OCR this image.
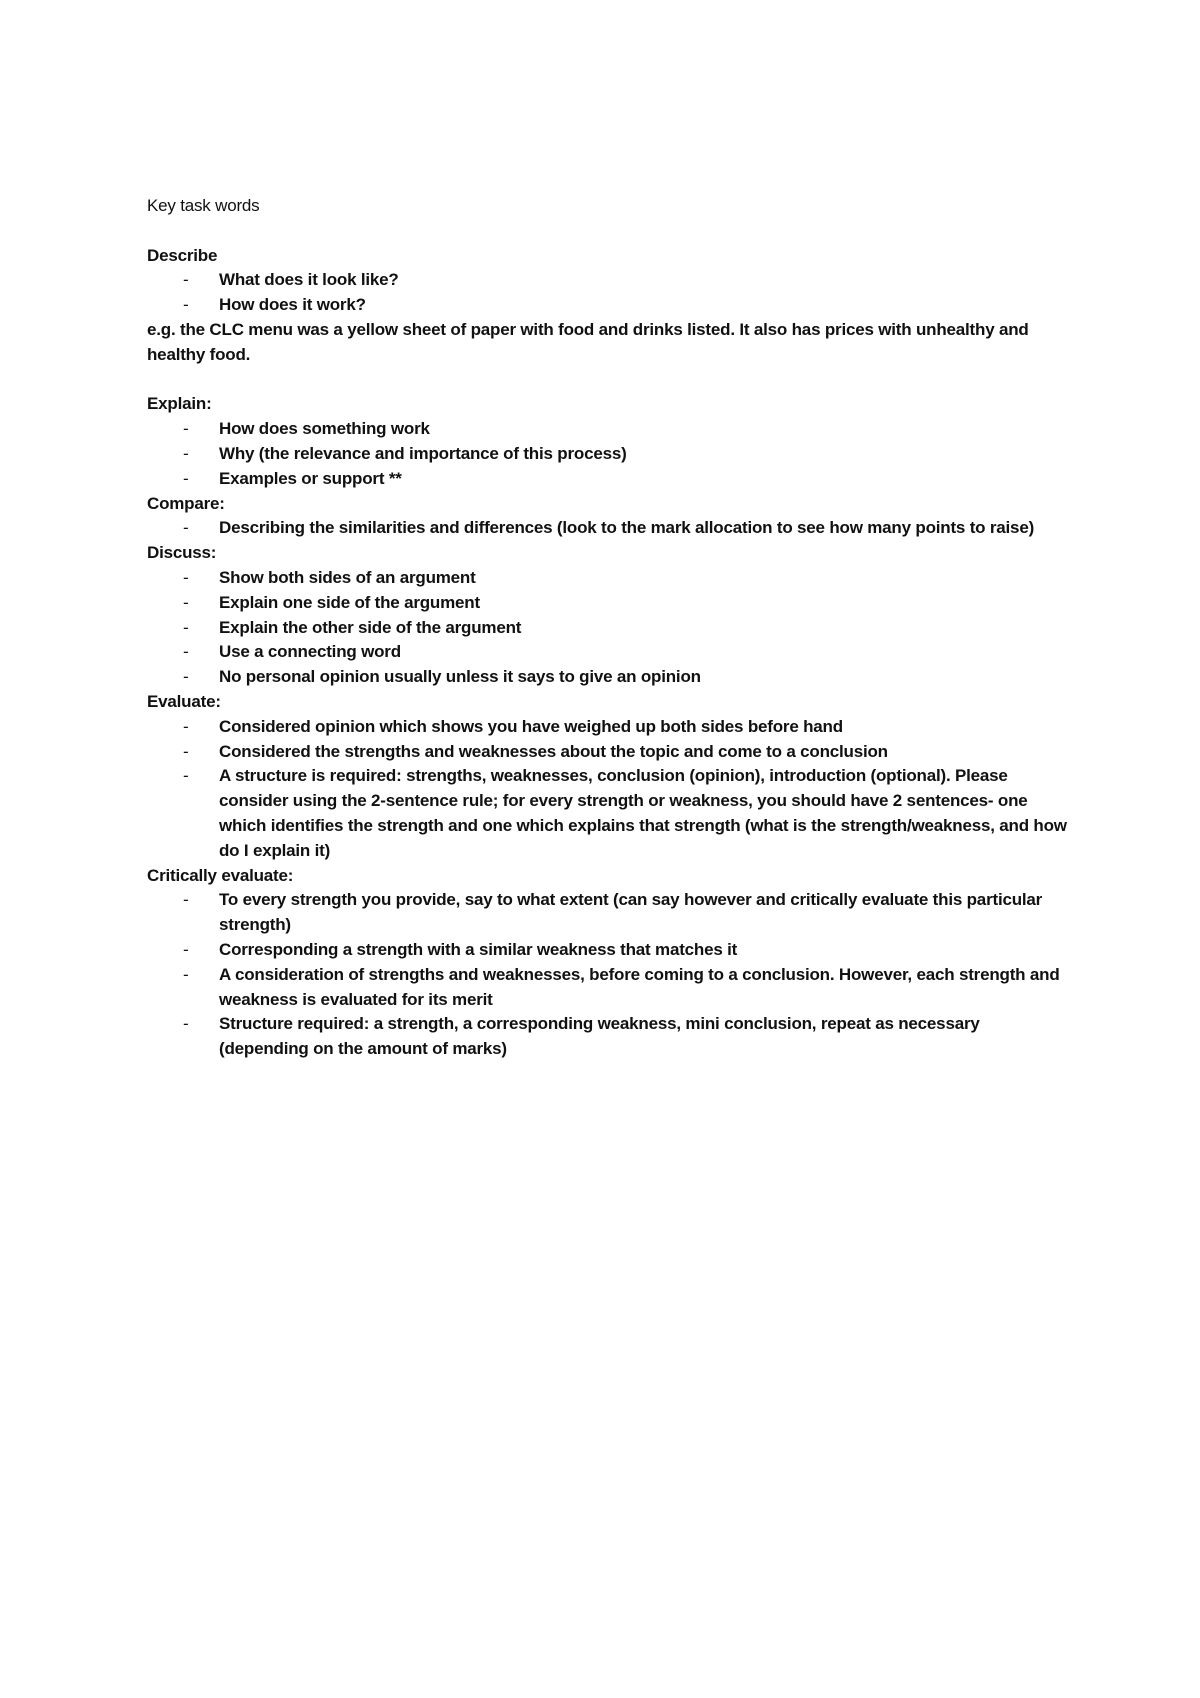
Key task words

Describe

- What does it look like?
- How does it work?

e.g. the CLC menu was a yellow sheet of paper with food and drinks listed. It also has prices with unhealthy and healthy food.

Explain:

- How does something work
- Why (the relevance and importance of this process)
- Examples or support **

Compare:

- Describing the similarities and differences (look to the mark allocation to see how many points to raise)

Discuss:

- Show both sides of an argument
- Explain one side of the argument
- Explain the other side of the argument
- Use a connecting word
- No personal opinion usually unless it says to give an opinion

Evaluate:

- Considered opinion which shows you have weighed up both sides before hand
- Considered the strengths and weaknesses about the topic and come to a conclusion
- A structure is required: strengths, weaknesses, conclusion (opinion), introduction (optional). Please consider using the 2-sentence rule; for every strength or weakness, you should have 2 sentences- one which identifies the strength and one which explains that strength (what is the strength/weakness, and how do I explain it)

Critically evaluate:

- To every strength you provide, say to what extent (can say however and critically evaluate this particular strength)
- Corresponding a strength with a similar weakness that matches it
- A consideration of strengths and weaknesses, before coming to a conclusion. However, each strength and weakness is evaluated for its merit
- Structure required: a strength, a corresponding weakness, mini conclusion, repeat as necessary (depending on the amount of marks)
